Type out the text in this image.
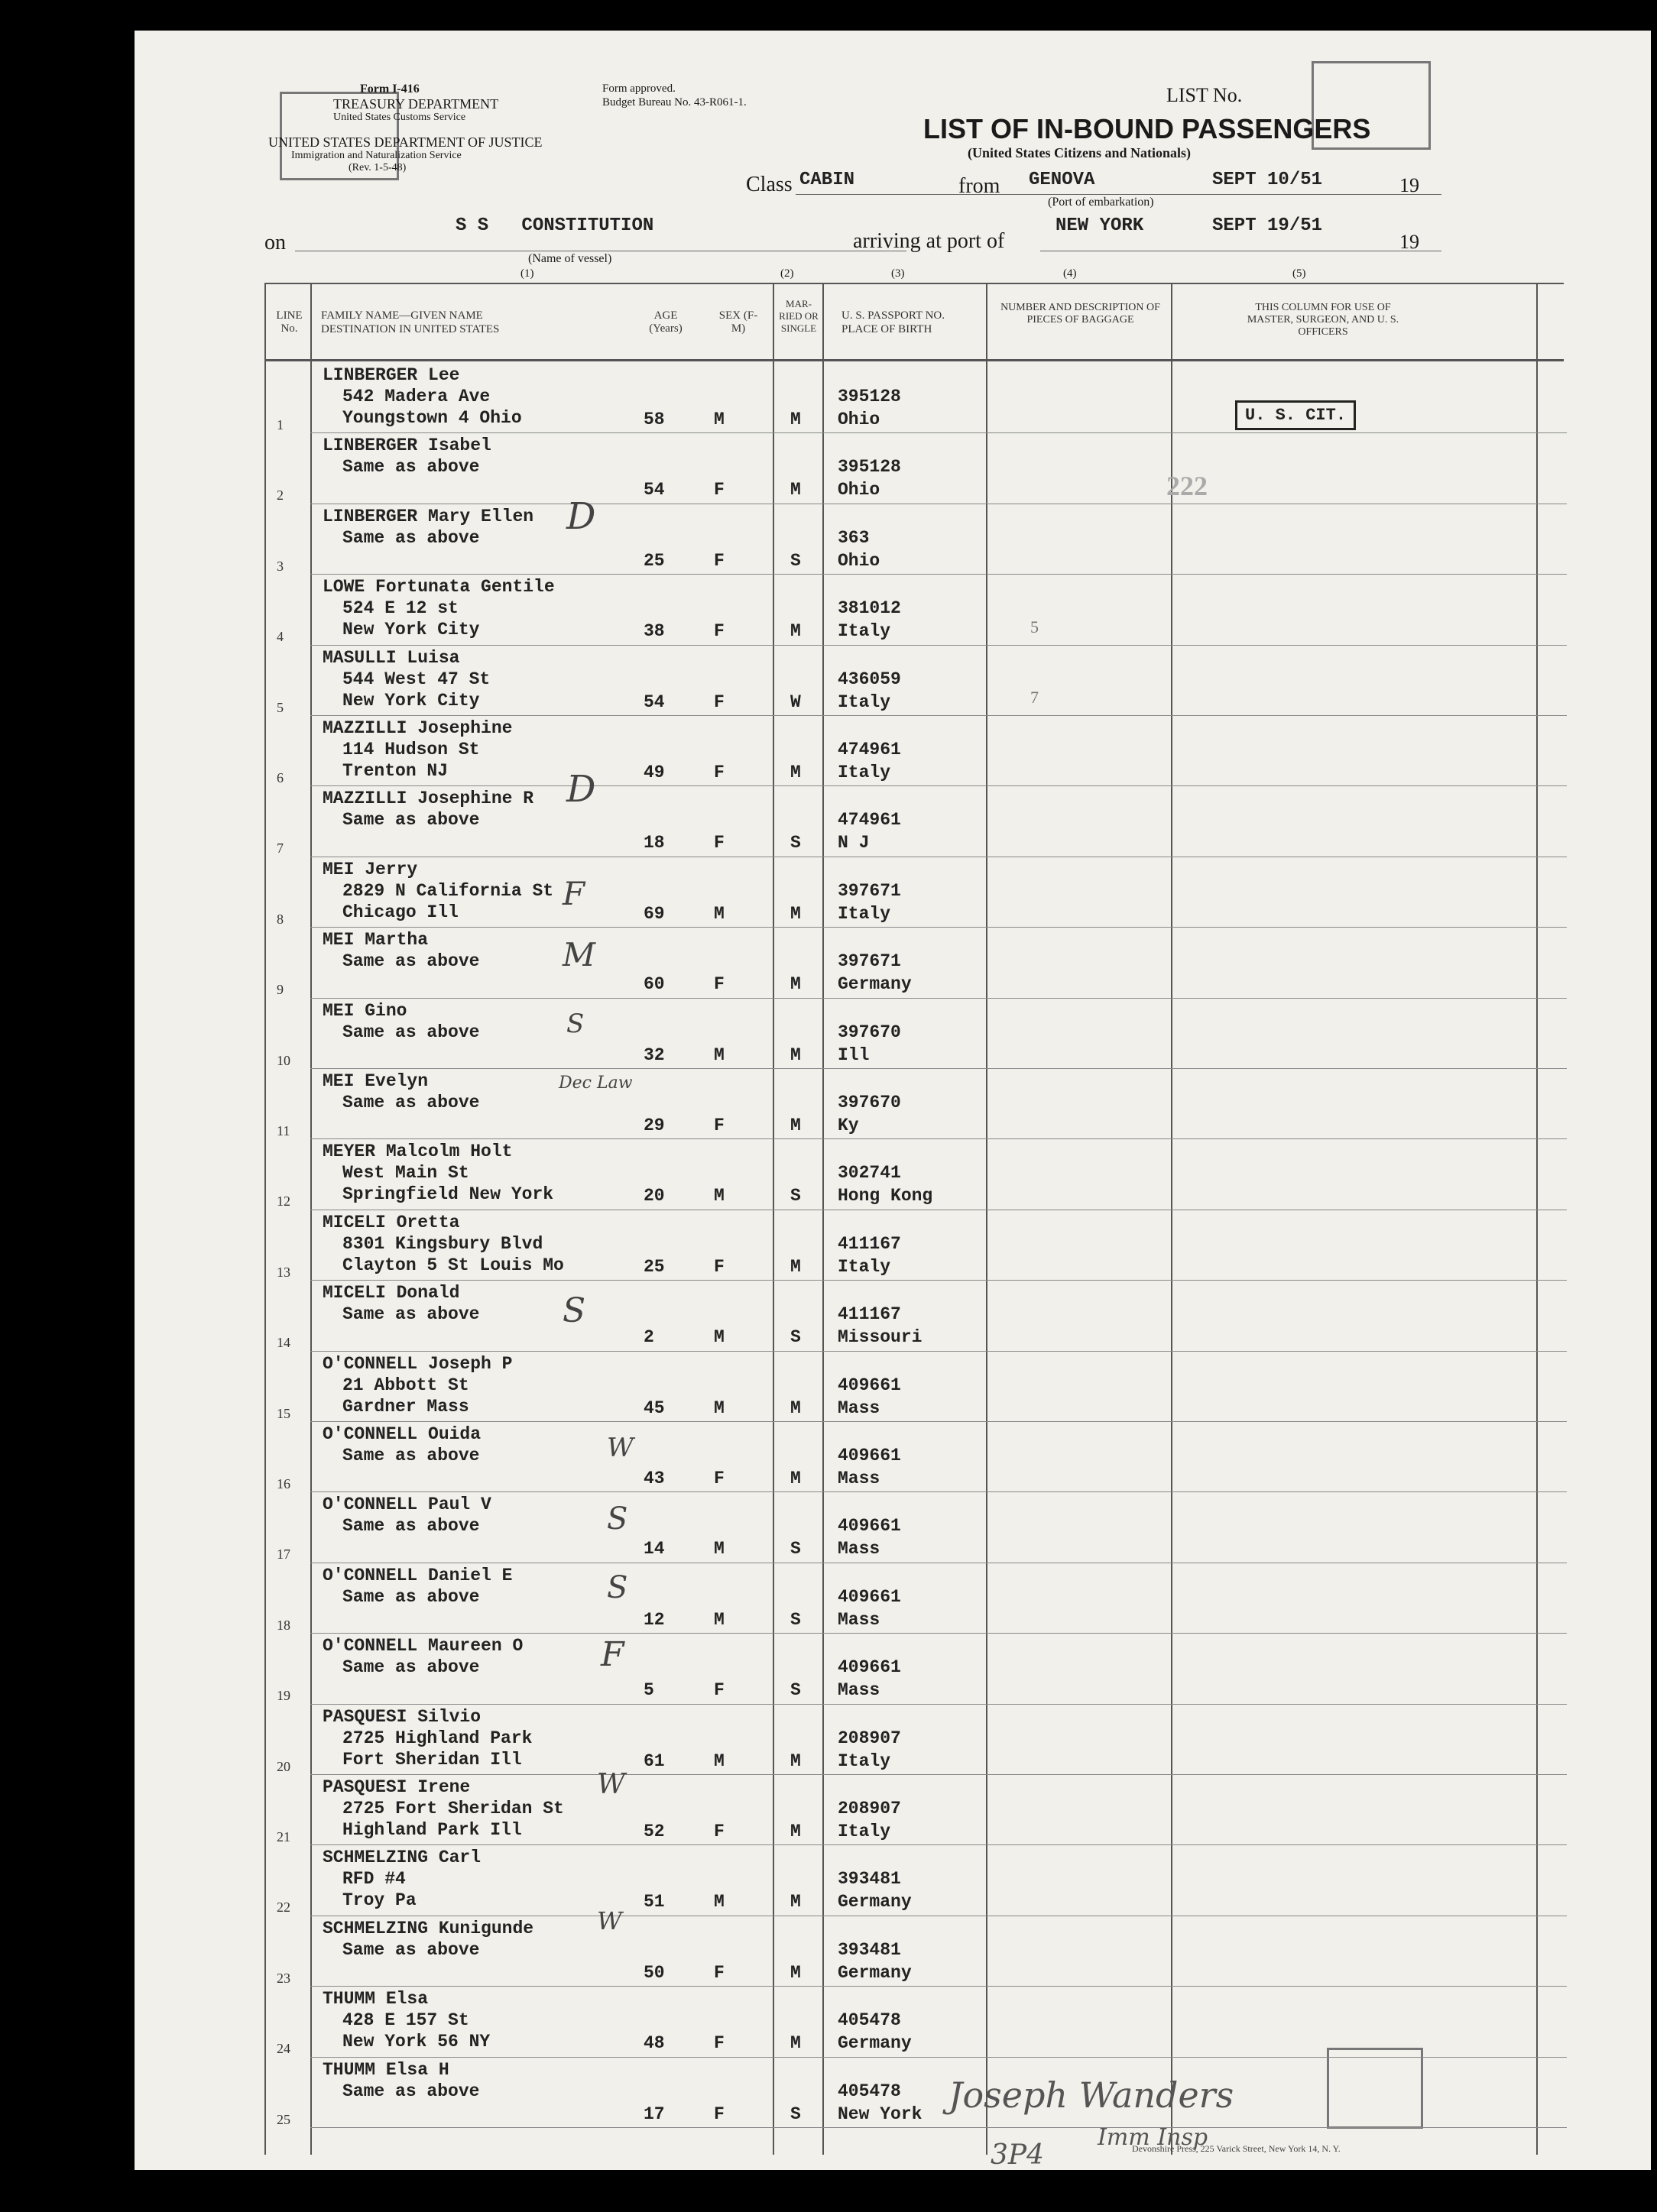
Form I-416
TREASURY DEPARTMENT
United States Customs Service
UNITED STATES DEPARTMENT OF JUSTICE
Immigration and Naturalization Service
(Rev. 1-5-48)
Form approved.
Budget Bureau No. 43-R061-1.	LIST No.
LIST OF IN-BOUND PASSENGERS
(United States Citizens and Nationals)
Class CABIN	from GENOVA	SEPT 10/51	19
(Port of embarkation)
on
S S   CONSTITUTION
arriving at port of
NEW YORK	SEPT 19/51
19
(Name of vessel)
(1)	(2)	(3)	(4)	(5)
LINE No.
FAMILY NAME—GIVEN NAME
DESTINATION IN UNITED STATES
AGE (Years)
SEX (F-M)
MAR-RIED OR SINGLE
U. S. PASSPORT NO.
PLACE OF BIRTH
NUMBER AND DESCRIPTION OF PIECES OF BAGGAGE
THIS COLUMN FOR USE OF MASTER, SURGEON, AND U. S. OFFICERS
1
LINBERGER Lee
542 Madera Ave
Youngstown 4 Ohio	58	M	M
395128
Ohio
2
LINBERGER Isabel
Same as above
54	F	M
395128
Ohio
3
LINBERGER Mary Ellen
Same as above
25	F	S
363
Ohio
4
LOWE Fortunata Gentile
524 E 12 st
New York City	38	F	M
381012
Italy
5
MASULLI Luisa
544 West 47 St
New York City	54	F	W
436059
Italy
6
MAZZILLI Josephine
114 Hudson St
Trenton NJ	49	F	M
474961
Italy
7
MAZZILLI Josephine R
Same as above
18	F	S
474961
N J
8
MEI Jerry
2829 N California St
Chicago Ill	69	M	M
397671
Italy
9
MEI Martha
Same as above
60	F	M
397671
Germany
10
MEI Gino
Same as above
32	M	M
397670
Ill
11
MEI Evelyn
Same as above
29	F	M
397670
Ky
12
MEYER Malcolm Holt
West Main St
Springfield New York	20	M	S
302741
Hong Kong
13
MICELI Oretta
8301 Kingsbury Blvd
Clayton 5 St Louis Mo	25	F	M
411167
Italy
14
MICELI Donald
Same as above
2	M	S
411167
Missouri
15
O'CONNELL Joseph P
21 Abbott St
Gardner Mass	45	M	M
409661
Mass
16
O'CONNELL Ouida
Same as above
43	F	M
409661
Mass
17
O'CONNELL Paul V
Same as above
14	M	S
409661
Mass
18
O'CONNELL Daniel E
Same as above
12	M	S
409661
Mass
19
O'CONNELL Maureen O
Same as above
5	F	S
409661
Mass
20
PASQUESI Silvio
2725 Highland Park
Fort Sheridan Ill	61	M	M
208907
Italy
21
PASQUESI Irene
2725 Fort Sheridan St
Highland Park Ill	52	F	M
208907
Italy
22
SCHMELZING Carl
RFD #4
Troy Pa	51	M	M
393481
Germany
23
SCHMELZING Kunigunde
Same as above
50	F	M
393481
Germany
24
THUMM Elsa
428 E 157 St
New York 56 NY	48	F	M
405478
Germany
25
THUMM Elsa H
Same as above
17	F	S
405478
New York
U. S. CIT.
222
5
7
D
D
F
M
S
Dec Law
S
W
S
S
F
W
W
Joseph Wanders
Imm Insp
3P4	Devonshire Press, 225 Varick Street, New York 14, N. Y.
